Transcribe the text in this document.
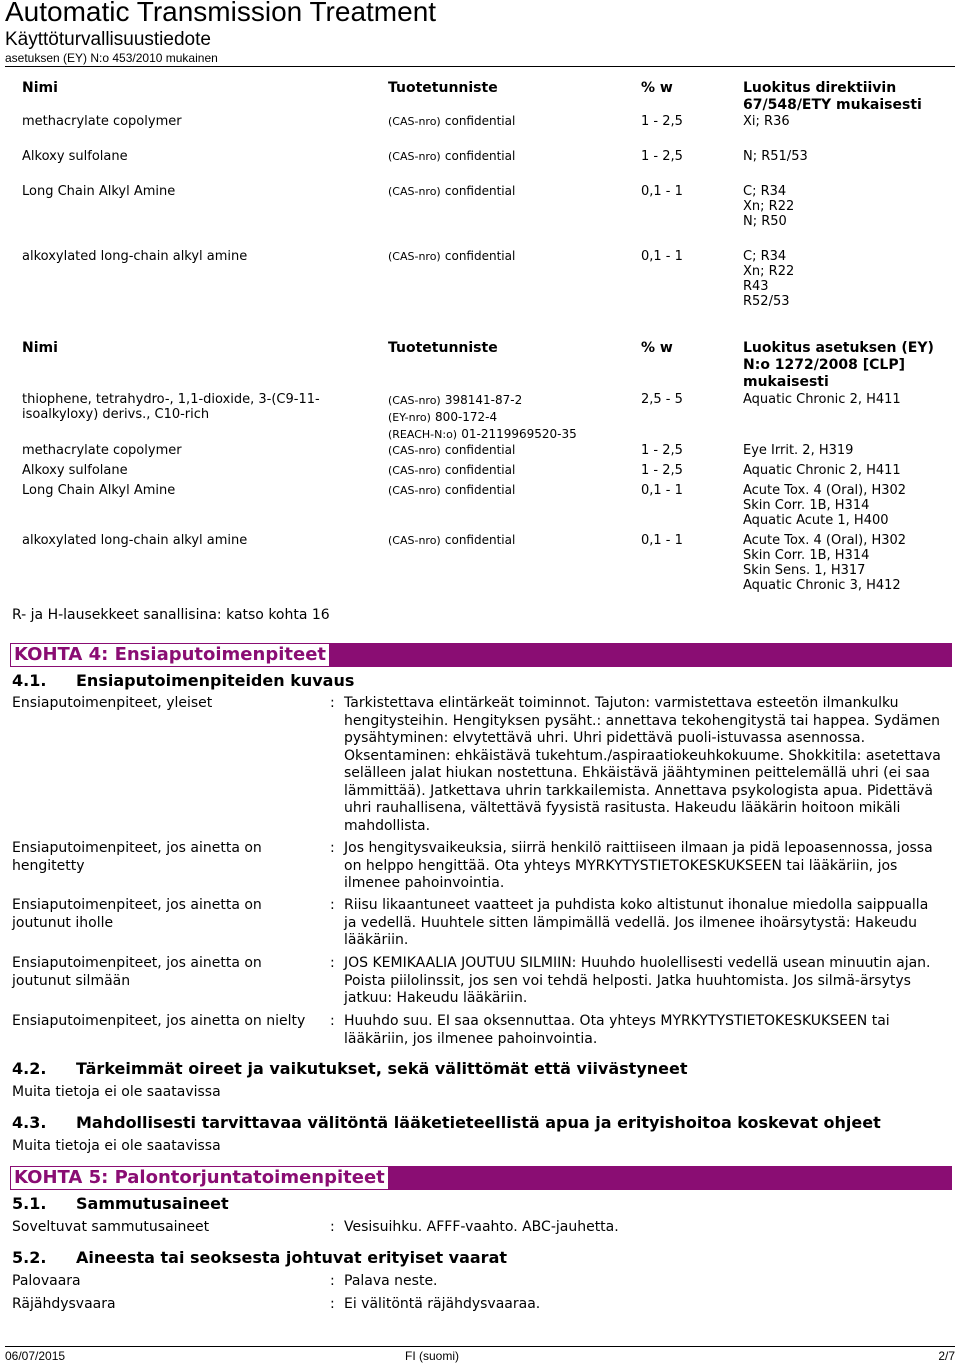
Automatic Transmission Treatment
Käyttöturvallisuustiedote
asetuksen (EY) N:o 453/2010 mukainen
Nimi	Tuotetunniste	% w	Luokitus direktiivin 67/548/ETY mukaisesti
methacrylate copolymer	(CAS-nro) confidential	1 - 2,5	Xi; R36

Alkoxy sulfolane	(CAS-nro) confidential	1 - 2,5	N; R51/53

Long Chain Alkyl Amine	(CAS-nro) confidential	0,1 - 1	C; R34
Xn; R22
N; R50

alkoxylated long-chain alkyl amine	(CAS-nro) confidential	0,1 - 1	C; R34
Xn; R22
R43
R52/53
Nimi	Tuotetunniste	% w	Luokitus asetuksen (EY) N:o 1272/2008 [CLP] mukaisesti
thiophene, tetrahydro-, 1,1-dioxide, 3-(C9-11-isoalkyloxy) derivs., C10-rich	(CAS-nro) 398141-87-2
(EY-nro) 800-172-4
(REACH-N:o) 01-2119969520-35	2,5 - 5	Aquatic Chronic 2, H411
methacrylate copolymer	(CAS-nro) confidential	1 - 2,5	Eye Irrit. 2, H319

Alkoxy sulfolane	(CAS-nro) confidential	1 - 2,5	Aquatic Chronic 2, H411

Long Chain Alkyl Amine	(CAS-nro) confidential	0,1 - 1	Acute Tox. 4 (Oral), H302
Skin Corr. 1B, H314
Aquatic Acute 1, H400

alkoxylated long-chain alkyl amine	(CAS-nro) confidential	0,1 - 1	Acute Tox. 4 (Oral), H302
Skin Corr. 1B, H314
Skin Sens. 1, H317
Aquatic Chronic 3, H412
R- ja H-lausekkeet sanallisina: katso kohta 16
KOHTA 4: Ensiaputoimenpiteet
4.1. Ensiaputoimenpiteiden kuvaus
Ensiaputoimenpiteet, yleiset	: Tarkistettava elintärkeät toiminnot. Tajuton: varmistettava esteetön ilmankulku hengitysteihin. Hengityksen pysäht.: annettava tekohengitystä tai happea. Sydämen pysähtyminen: elvytettävä uhri. Uhri pidettävä puoli-istuvassa asennossa. Oksentaminen: ehkäistävä tukehtum./aspiraatiokeuhkokuume. Shokkitila: asetettava selälleen jalat hiukan nostettuna. Ehkäistävä jäähtyminen peittelemällä uhri (ei saa lämmittää). Jatkettava uhrin tarkkailemista. Annettava psykologista apua. Pidettävä uhri rauhallisena, vältettävä fyysistä rasitusta. Hakeudu lääkärin hoitoon mikäli mahdollista.
Ensiaputoimenpiteet, jos ainetta on hengitetty
: Jos hengitysvaikeuksia, siirrä henkilö raittiiseen ilmaan ja pidä lepoasennossa, jossa on helppo hengittää. Ota yhteys MYRKYTYSTIETOKESKUKSEEN tai lääkäriin, jos ilmenee pahoinvointia.
Ensiaputoimenpiteet, jos ainetta on joutunut iholle
: Riisu likaantuneet vaatteet ja puhdista koko altistunut ihonalue miedolla saippualla ja vedellä. Huuhtele sitten lämpimällä vedellä. Jos ilmenee ihoärsytystä: Hakeudu lääkäriin.
Ensiaputoimenpiteet, jos ainetta on joutunut silmään
: JOS KEMIKAALIA JOUTUU SILMIIN: Huuhdo huolellisesti vedellä usean minuutin ajan. Poista piilolinssit, jos sen voi tehdä helposti. Jatka huuhtomista. Jos silmä-ärsytys jatkuu: Hakeudu lääkäriin.
Ensiaputoimenpiteet, jos ainetta on nielty	: Huuhdo suu. EI saa oksennuttaa. Ota yhteys MYRKYTYSTIETOKESKUKSEEN tai lääkäriin, jos ilmenee pahoinvointia.
4.2. Tärkeimmät oireet ja vaikutukset, sekä välittömät että viivästyneet
Muita tietoja ei ole saatavissa
4.3. Mahdollisesti tarvittavaa välitöntä lääketieteellistä apua ja erityishoitoa koskevat ohjeet
Muita tietoja ei ole saatavissa
KOHTA 5: Palontorjuntatoimenpiteet
5.1. Sammutusaineet
Soveltuvat sammutusaineet	: Vesisuihku. AFFF-vaahto. ABC-jauhetta.
5.2. Aineesta tai seoksesta johtuvat erityiset vaarat
Palovaara	: Palava neste.
Räjähdysvaara	: Ei välitöntä räjähdysvaaraa.
06/07/2015	FI (suomi)	2/7
